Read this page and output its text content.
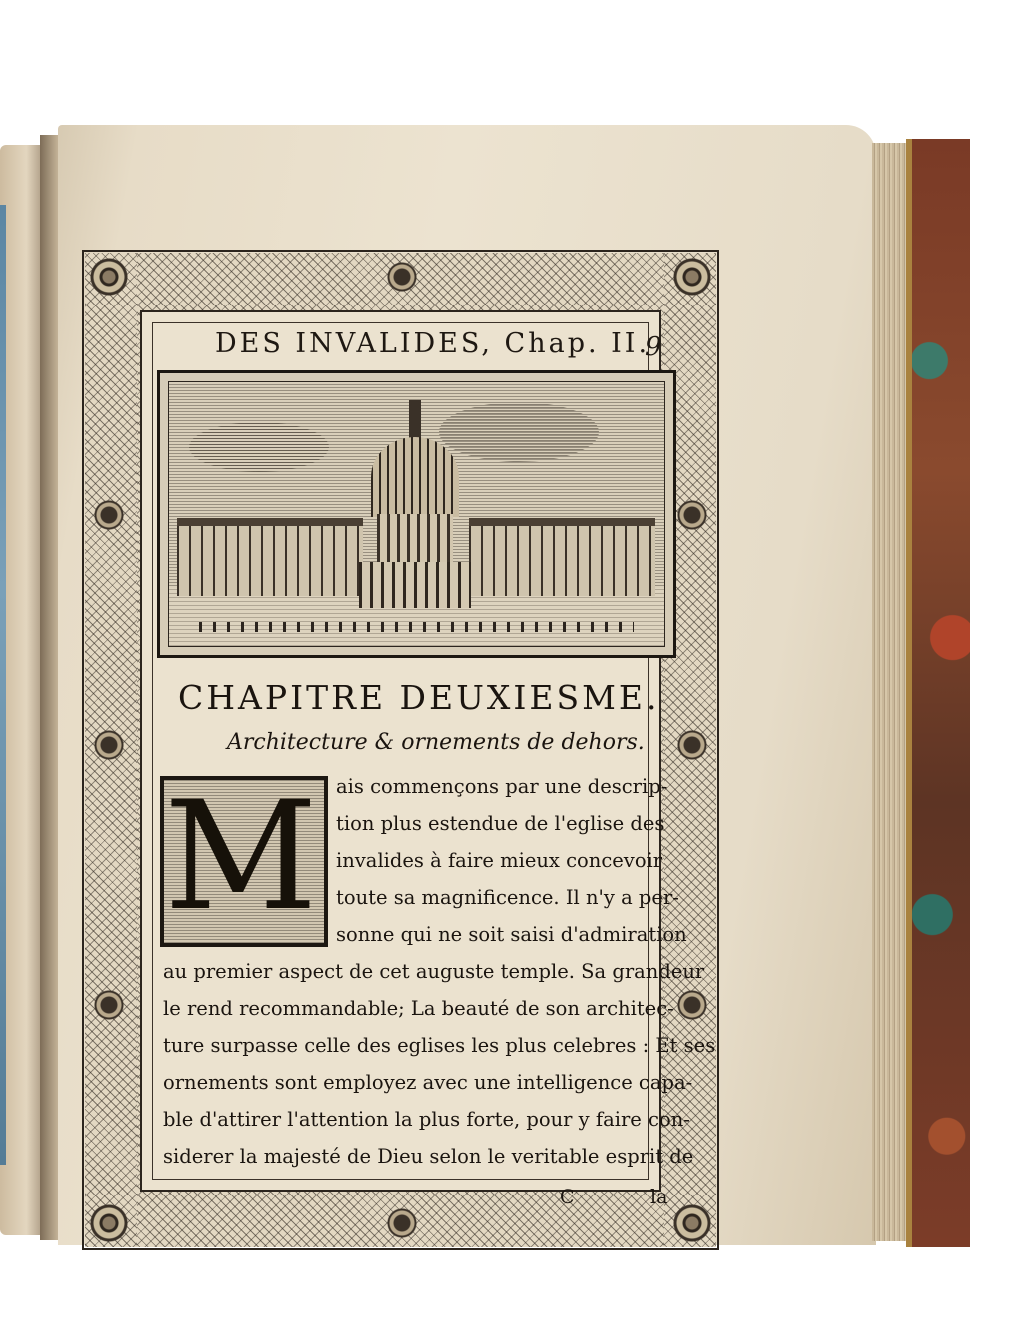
DES INVALIDES, Chap. II.
9
CHAPITRE DEUXIESME.
Architecture & ornements de dehors.
M ais commençons par une descrip-
tion plus estendue de l'eglise des
invalides à faire mieux concevoir
toute sa magnificence. Il n'y a per-
sonne qui ne soit saisi d'admiration
au premier aspect de cet auguste temple. Sa grandeur
le rend recommandable; La beauté de son architec-
ture surpasse celle des eglises les plus celebres : Et ses
ornements sont employez avec une intelligence capa-
ble d'attirer l'attention la plus forte, pour y faire con-
siderer la majesté de Dieu selon le veritable esprit de
C	la
